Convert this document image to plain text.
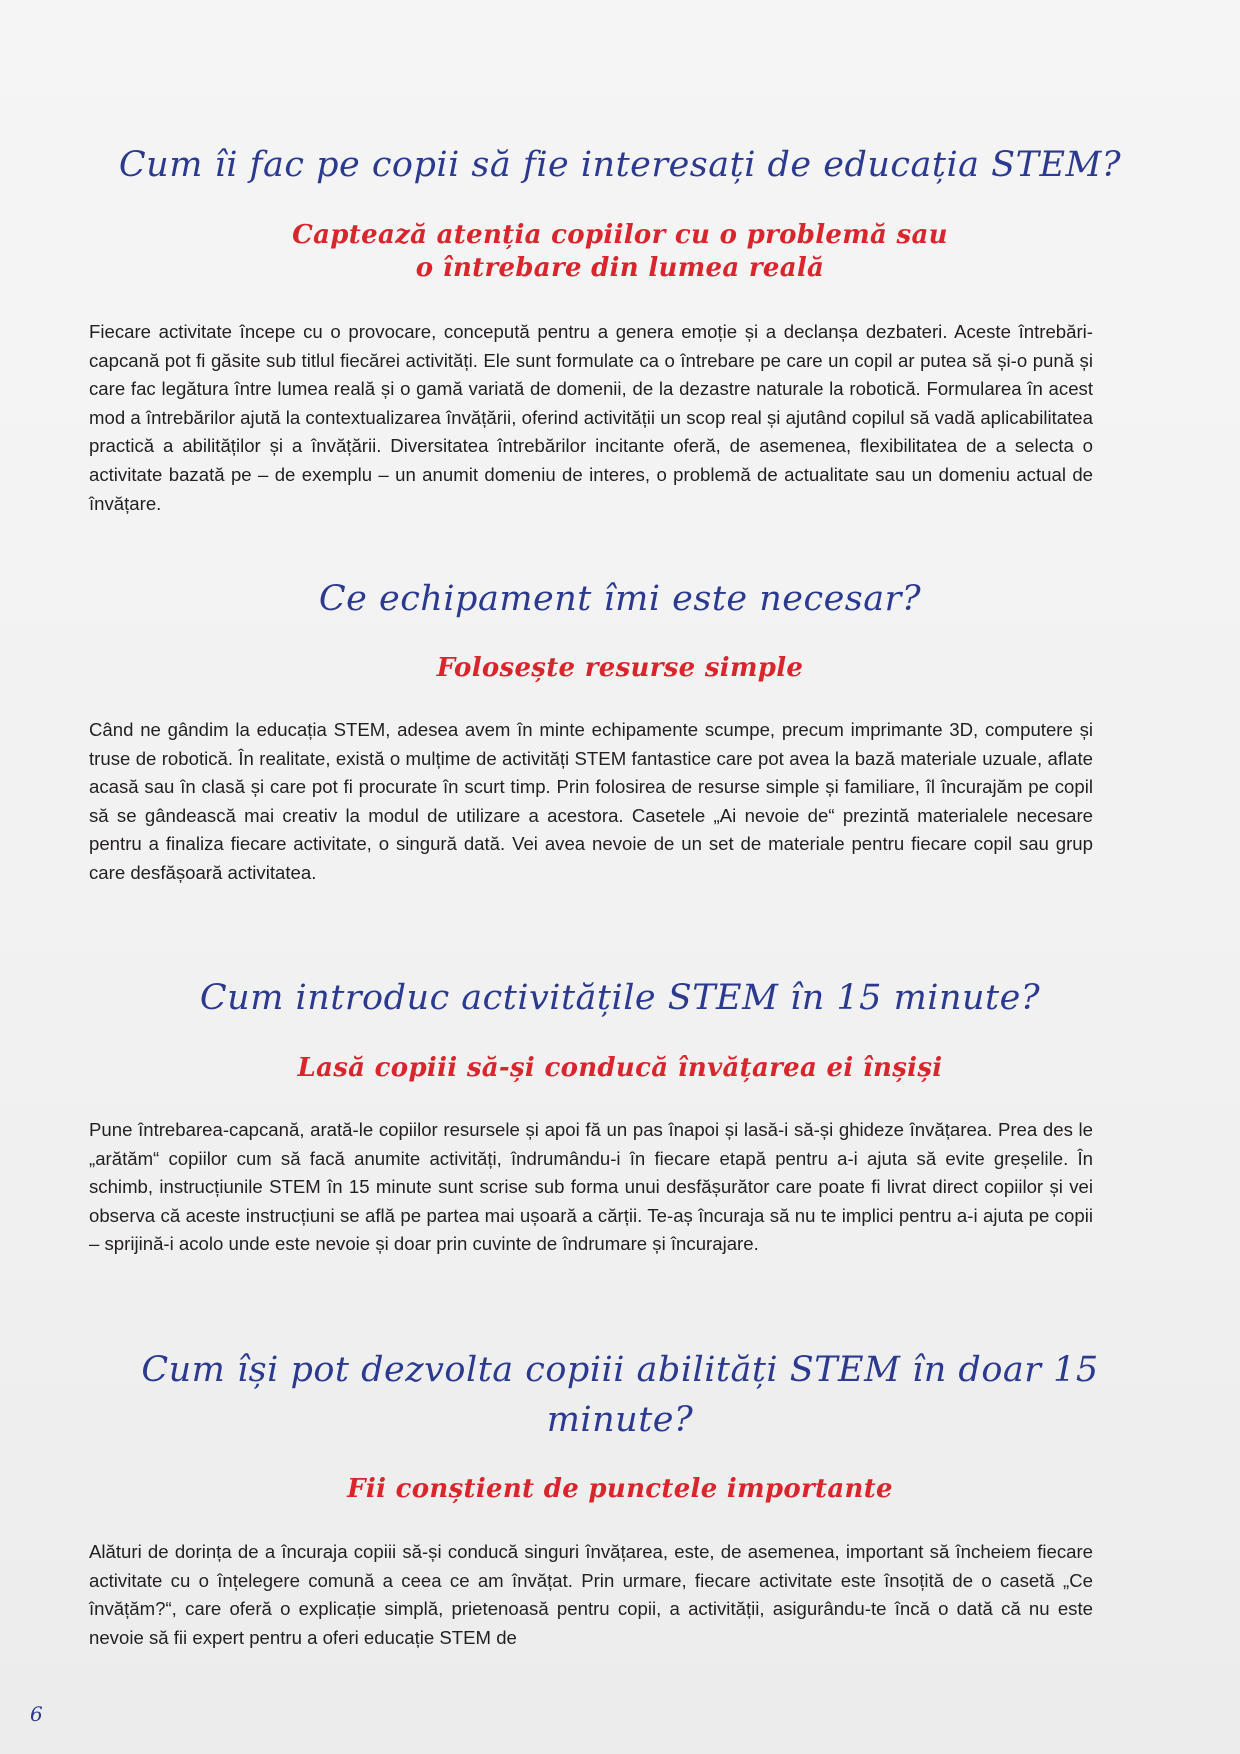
Cum îi fac pe copii să fie interesați de educația STEM?
Captează atenția copiilor cu o problemă sau
o întrebare din lumea reală

Fiecare activitate începe cu o provocare, concepută pentru a genera emoție și a declanșa dezbateri. Aceste întrebări-capcană pot fi găsite sub titlul fiecărei activități. Ele sunt formulate ca o întrebare pe care un copil ar putea să și-o pună și care fac legătura între lumea reală și o gamă variată de domenii, de la dezastre naturale la robotică. Formularea în acest mod a întrebărilor ajută la contextualizarea învățării, oferind activității un scop real și ajutând copilul să vadă aplicabilitatea practică a abilităților și a învățării. Diversitatea întrebărilor incitante oferă, de asemenea, flexibilitatea de a selecta o activitate bazată pe – de exemplu – un anumit domeniu de interes, o problemă de actualitate sau un domeniu actual de învățare.

Ce echipament îmi este necesar?
Folosește resurse simple

Când ne gândim la educația STEM, adesea avem în minte echipamente scumpe, precum imprimante 3D, computere și truse de robotică. În realitate, există o mulțime de activități STEM fantastice care pot avea la bază materiale uzuale, aflate acasă sau în clasă și care pot fi procurate în scurt timp. Prin folosirea de resurse simple și familiare, îl încurajăm pe copil să se gândească mai creativ la modul de utilizare a acestora. Casetele „Ai nevoie de“ prezintă materialele necesare pentru a finaliza fiecare activitate, o singură dată. Vei avea nevoie de un set de materiale pentru fiecare copil sau grup care desfășoară activitatea.

Cum introduc activitățile STEM în 15 minute?
Lasă copiii să-și conducă învățarea ei înșiși

Pune întrebarea-capcană, arată-le copiilor resursele și apoi fă un pas înapoi și lasă-i să-și ghideze învățarea. Prea des le „arătăm“ copiilor cum să facă anumite activități, îndrumându-i în fiecare etapă pentru a-i ajuta să evite greșelile. În schimb, instrucțiunile STEM în 15 minute sunt scrise sub forma unui desfășurător care poate fi livrat direct copiilor și vei observa că aceste instrucțiuni se află pe partea mai ușoară a cărții. Te-aș încuraja să nu te implici pentru a-i ajuta pe copii – sprijină-i acolo unde este nevoie și doar prin cuvinte de îndrumare și încurajare.

Cum își pot dezvolta copiii abilități STEM în doar 15
minute?
Fii conștient de punctele importante

Alături de dorința de a încuraja copiii să-și conducă singuri învățarea, este, de asemenea, important să încheiem fiecare activitate cu o înțelegere comună a ceea ce am învățat. Prin urmare, fiecare activitate este însoțită de o casetă „Ce învățăm?“, care oferă o explicație simplă, prietenoasă pentru copii, a activității, asigurându-te încă o dată că nu este nevoie să fii expert pentru a oferi educație STEM de

6
